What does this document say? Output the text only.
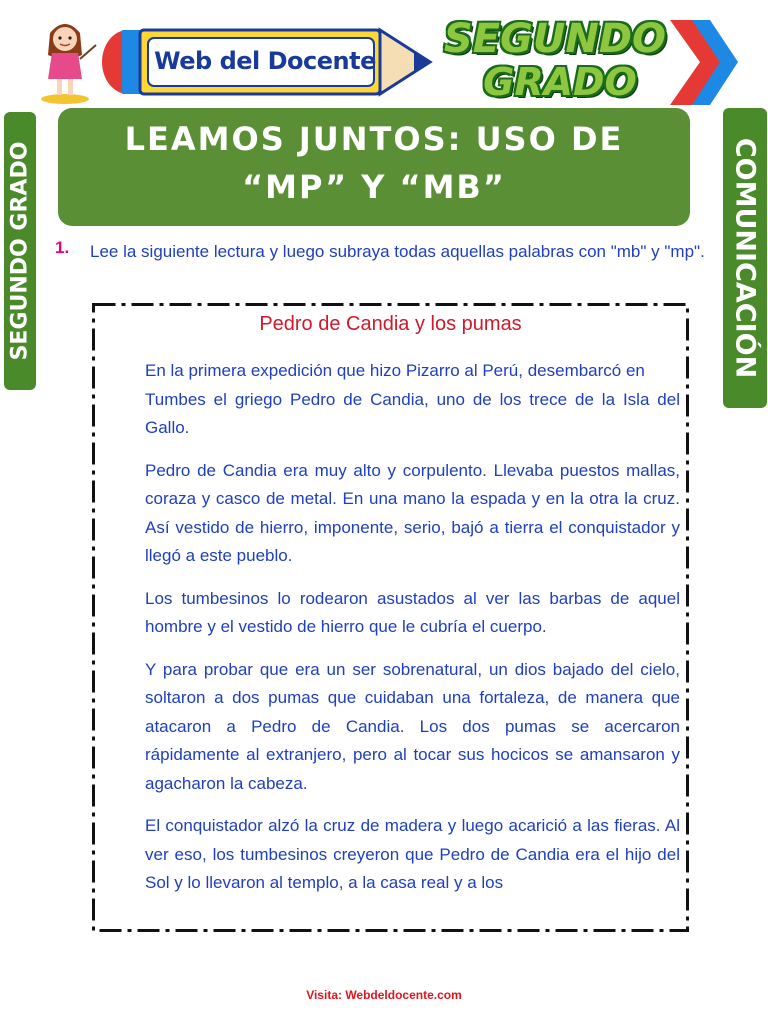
Web del Docente	SEGUNDO
GRADO
SEGUNDO GRADO	COMUNICACIÓN
LEAMOS JUNTOS: USO DE
“MP” Y “MB”
1. Lee la siguiente lectura y luego subraya todas aquellas palabras con "mb" y "mp".
Pedro de Candia y los pumas

En la primera expedición que hizo Pizarro al Perú, desembarcó en

Tumbes el griego Pedro de Candia, uno de los trece de la Isla del Gallo.

Pedro de Candia era muy alto y corpulento. Llevaba puestos mallas, coraza y casco de metal. En una mano la espada y en la otra la cruz. Así vestido de hierro, imponente, serio, bajó a tierra el conquistador y llegó a este pueblo.

Los tumbesinos lo rodearon asustados al ver las barbas de aquel hombre y el vestido de hierro que le cubría el cuerpo.

Y para probar que era un ser sobrenatural, un dios bajado del cielo, soltaron a dos pumas que cuidaban una fortaleza, de manera que atacaron a Pedro de Candia. Los dos pumas se acercaron rápidamente al extranjero, pero al tocar sus hocicos se amansaron y agacharon la cabeza.

El conquistador alzó la cruz de madera y luego acarició a las fieras. Al ver eso, los tumbesinos creyeron que Pedro de Candia era el hijo del Sol y lo llevaron al templo, a la casa real y a los

Visita: Webdeldocente.com
